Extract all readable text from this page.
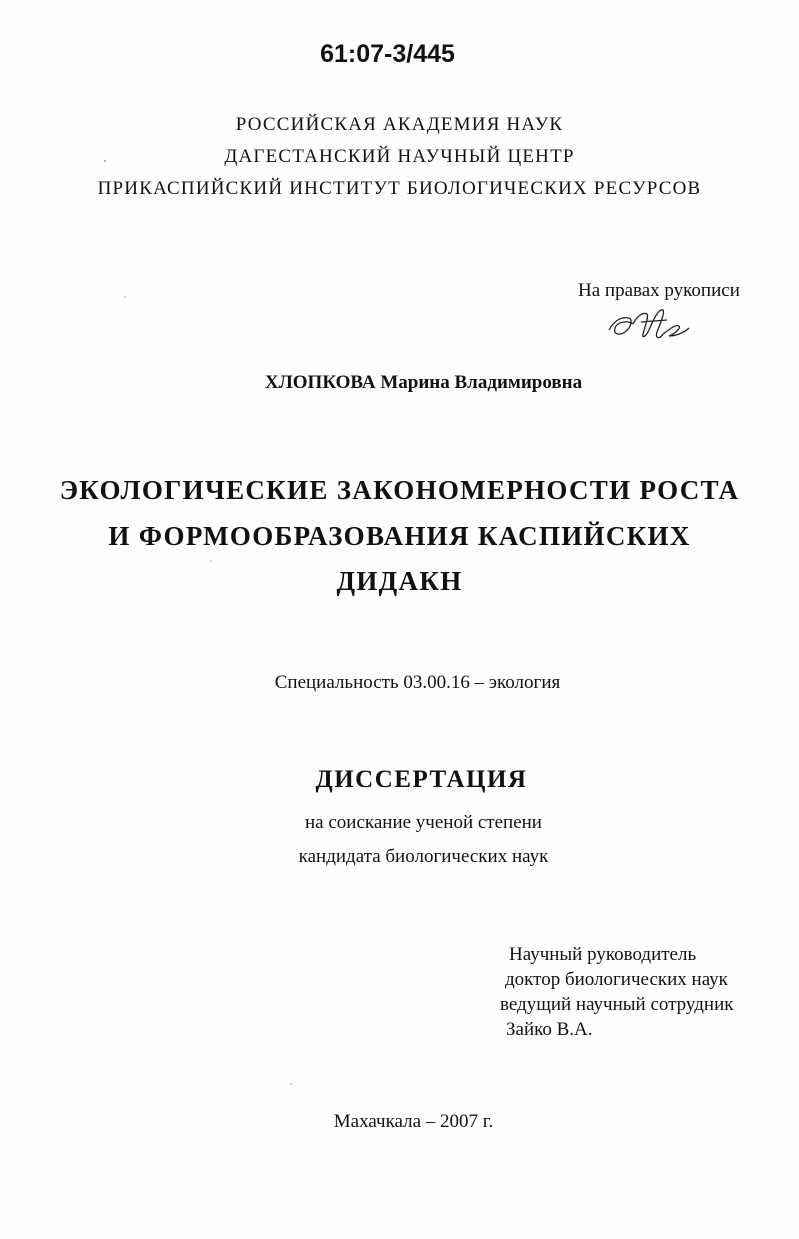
61:07-3/445
РОССИЙСКАЯ АКАДЕМИЯ НАУК
ДАГЕСТАНСКИЙ НАУЧНЫЙ ЦЕНТР
ПРИКАСПИЙСКИЙ ИНСТИТУТ БИОЛОГИЧЕСКИХ РЕСУРСОВ
На правах рукописи
ХЛОПКОВА Марина Владимировна
ЭКОЛОГИЧЕСКИЕ ЗАКОНОМЕРНОСТИ РОСТА
И ФОРМООБРАЗОВАНИЯ КАСПИЙСКИХ
ДИДАКН
Специальность 03.00.16 – экология
ДИССЕРТАЦИЯ
на соискание ученой степени
кандидата биологических наук
Научный руководитель
доктор биологических наук
ведущий научный сотрудник
Зайко В.А.
Махачкала – 2007 г.
